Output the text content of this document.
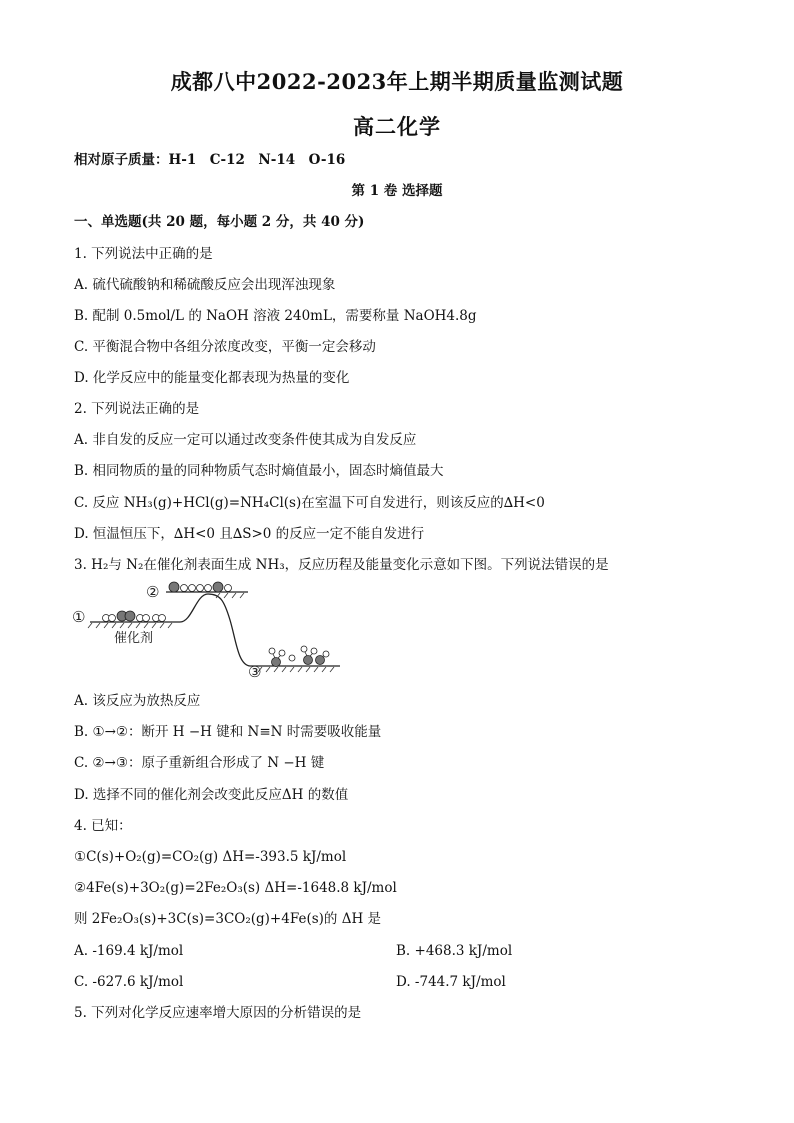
成都八中2022-2023年上期半期质量监测试题
高二化学
相对原子质量：H-1　C-12　N-14　O-16
第 1 卷 选择题
一、单选题(共 20 题，每小题 2 分，共 40 分)
1. 下列说法中正确的是
A. 硫代硫酸钠和稀硫酸反应会出现浑浊现象
B. 配制 0.5mol/L 的 NaOH 溶液 240mL，需要称量 NaOH4.8g
C. 平衡混合物中各组分浓度改变，平衡一定会移动
D. 化学反应中的能量变化都表现为热量的变化
2. 下列说法正确的是
A. 非自发的反应一定可以通过改变条件使其成为自发反应
B. 相同物质的量的同种物质气态时熵值最小，固态时熵值最大
C. 反应 NH₃(g)+HCl(g)=NH₄Cl(s)在室温下可自发进行，则该反应的∆H<0
D. 恒温恒压下，∆H<0 且∆S>0 的反应一定不能自发进行
3. H₂与 N₂在催化剂表面生成 NH₃，反应历程及能量变化示意如下图。下列说法错误的是
①
②
③
催化剂
A. 该反应为放热反应
B. ①→②：断开 H −H 键和 N≡N 时需要吸收能量
C. ②→③：原子重新组合形成了 N −H 键
D. 选择不同的催化剂会改变此反应ΔH 的数值
4. 已知：
①C(s)+O₂(g)=CO₂(g) ΔH=-393.5 kJ/mol
②4Fe(s)+3O₂(g)=2Fe₂O₃(s) ΔH=-1648.8 kJ/mol
则 2Fe₂O₃(s)+3C(s)=3CO₂(g)+4Fe(s)的 ΔH 是
A. -169.4 kJ/mol	B. +468.3 kJ/mol
C. -627.6 kJ/mol	D. -744.7 kJ/mol
5. 下列对化学反应速率增大原因的分析错误的是
